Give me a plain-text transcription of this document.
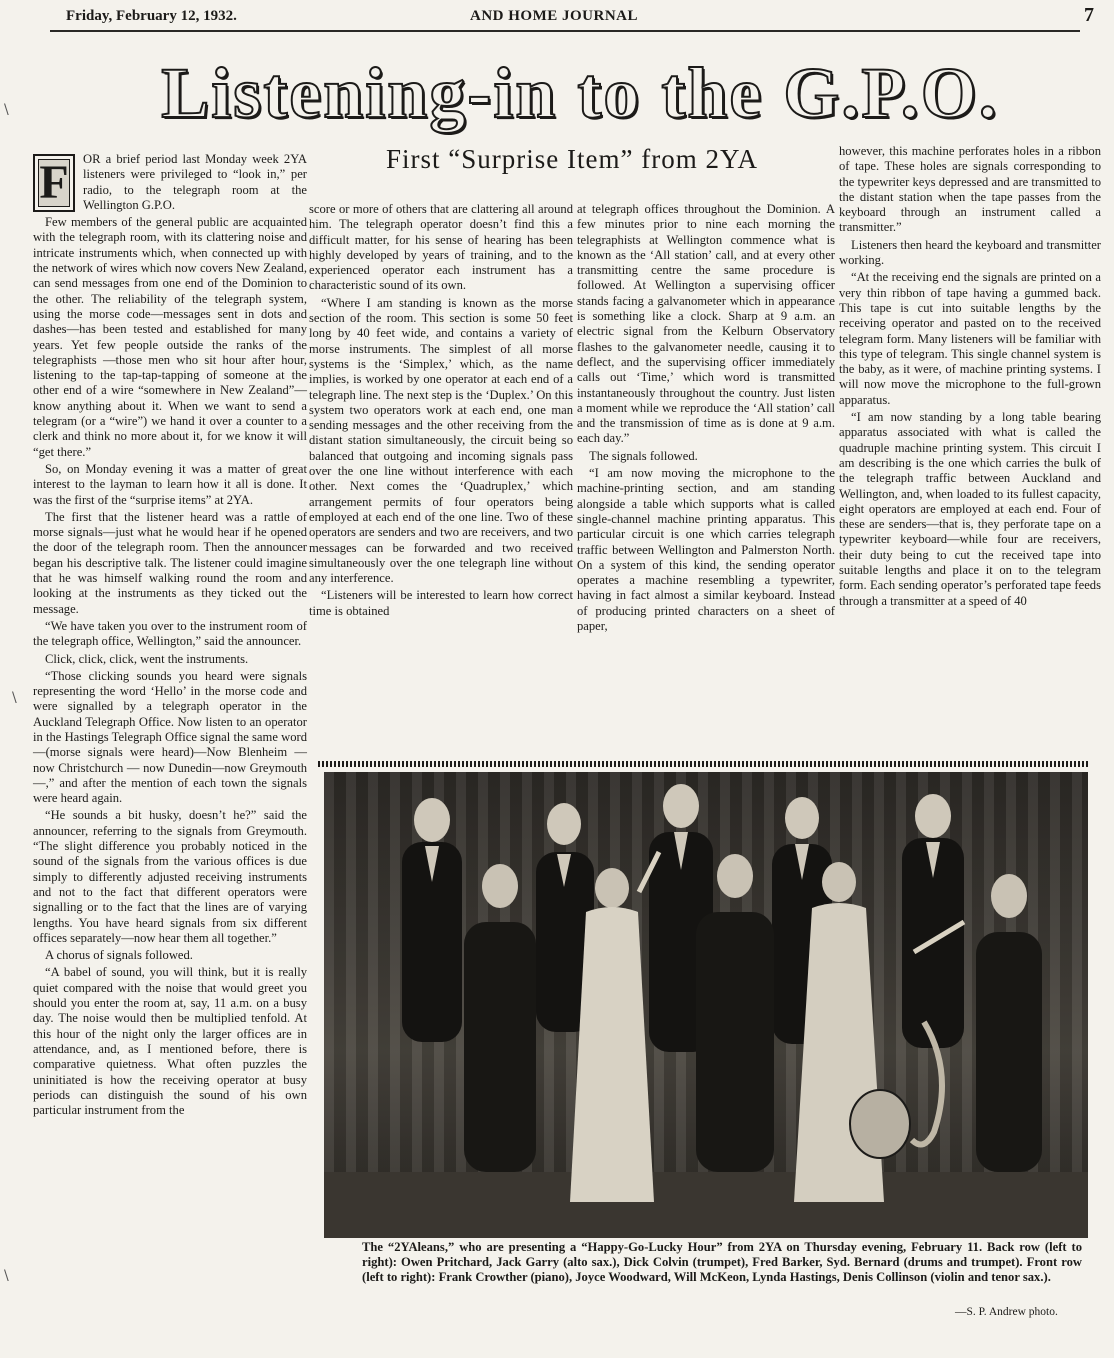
Friday, February 12, 1932.	AND HOME JOURNAL	7
Listening-in to the G.P.O.
First “Surprise Item” from 2YA
F	OR a brief period last Monday week 2YA listeners were privileged to “look in,” per radio, to the telegraph room at the Wellington G.P.O.

Few members of the general public are acquainted with the telegraph room, with its clattering noise and intricate instruments which, when connected up with the network of wires which now covers New Zealand, can send messages from one end of the Dominion to the other. The reliability of the telegraph system, using the morse code—messages sent in dots and dashes—has been tested and established for many years. Yet few people outside the ranks of the telegraphists —those men who sit hour after hour, listening to the tap-tap-tapping of someone at the other end of a wire “somewhere in New Zealand”—know anything about it. When we want to send a telegram (or a “wire”) we hand it over a counter to a clerk and think no more about it, for we know it will “get there.”

So, on Monday evening it was a matter of great interest to the layman to learn how it all is done. It was the first of the “surprise items” at 2YA.

The first that the listener heard was a rattle of morse signals—just what he would hear if he opened the door of the telegraph room. Then the announcer began his descriptive talk. The listener could imagine that he was himself walking round the room and looking at the instruments as they ticked out the message.

“We have taken you over to the instrument room of the telegraph office, Wellington,” said the announcer.

Click, click, click, went the instruments.

“Those clicking sounds you heard were signals representing the word ‘Hello’ in the morse code and were signalled by a telegraph operator in the Auckland Telegraph Office. Now listen to an operator in the Hastings Telegraph Office signal the same word —(morse signals were heard)—Now Blenheim — now Christchurch — now Dunedin—now Greymouth—,” and after the mention of each town the signals were heard again.

“He sounds a bit husky, doesn’t he?” said the announcer, referring to the signals from Greymouth. “The slight difference you probably noticed in the sound of the signals from the various offices is due simply to differently adjusted receiving instruments and not to the fact that different operators were signalling or to the fact that the lines are of varying lengths. You have heard signals from six different offices separately—now hear them all together.”

A chorus of signals followed.

“A babel of sound, you will think, but it is really quiet compared with the noise that would greet you should you enter the room at, say, 11 a.m. on a busy day. The noise would then be multiplied tenfold. At this hour of the night only the larger offices are in attendance, and, as I mentioned before, there is comparative quietness. What often puzzles the uninitiated is how the receiving operator at busy periods can distinguish the sound of his own particular instrument from the

score or more of others that are clattering all around him. The telegraph operator doesn’t find this a difficult matter, for his sense of hearing has been highly developed by years of training, and to the experienced operator each instrument has a characteristic sound of its own.

“Where I am standing is known as the morse section of the room. This section is some 50 feet long by 40 feet wide, and contains a variety of morse instruments. The simplest of all morse systems is the ‘Simplex,’ which, as the name implies, is worked by one operator at each end of a telegraph line. The next step is the ‘Duplex.’ On this system two operators work at each end, one man sending messages and the other receiving from the distant station simultaneously, the circuit being so balanced that outgoing and incoming signals pass over the one line without interference with each other. Next comes the ‘Quadruplex,’ which arrangement permits of four operators being employed at each end of the one line. Two of these operators are senders and two are receivers, and two messages can be forwarded and two received simultaneously over the one telegraph line without any interference.

“Listeners will be interested to learn how correct time is obtained

at telegraph offices throughout the Dominion. A few minutes prior to nine each morning the telegraphists at Wellington commence what is known as the ‘All station’ call, and at every other transmitting centre the same procedure is followed. At Wellington a supervising officer stands facing a galvanometer which in appearance is something like a clock. Sharp at 9 a.m. an electric signal from the Kelburn Observatory flashes to the galvanometer needle, causing it to deflect, and the supervising officer immediately calls out ‘Time,’ which word is transmitted instantaneously throughout the country. Just listen a moment while we reproduce the ‘All station’ call and the transmission of time as is done at 9 a.m. each day.”

The signals followed.

“I am now moving the microphone to the machine-printing section, and am standing alongside a table which supports what is called single-channel machine printing apparatus. This particular circuit is one which carries telegraph traffic between Wellington and Palmerston North. On a system of this kind, the sending operator operates a machine resembling a typewriter, having in fact almost a similar keyboard. Instead of producing printed characters on a sheet of paper,

however, this machine perforates holes in a ribbon of tape. These holes are signals corresponding to the typewriter keys depressed and are transmitted to the distant station when the tape passes from the keyboard through an instrument called a transmitter.”

Listeners then heard the keyboard and transmitter working.

“At the receiving end the signals are printed on a very thin ribbon of tape having a gummed back. This tape is cut into suitable lengths by the receiving operator and pasted on to the received telegram form. Many listeners will be familiar with this type of telegram. This single channel system is the baby, as it were, of machine printing systems. I will now move the microphone to the full-grown apparatus.

“I am now standing by a long table bearing apparatus associated with what is called the quadruple machine printing system. This circuit I am describing is the one which carries the bulk of the telegraph traffic between Auckland and Wellington, and, when loaded to its fullest capacity, eight operators are employed at each end. Four of these are senders—that is, they perforate tape on a typewriter keyboard—while four are receivers, their duty being to cut the received tape into suitable lengths and place it on to the telegram form. Each sending operator’s perforated tape feeds through a transmitter at a speed of 40

The “2YAleans,” who are presenting a “Happy-Go-Lucky Hour” from 2YA on Thursday evening, February 11. Back row (left to right): Owen Pritchard, Jack Garry (alto sax.), Dick Colvin (trumpet), Fred Barker, Syd. Bernard (drums and trumpet). Front row (left to right): Frank Crowther (piano), Joyce Woodward, Will McKeon, Lynda Hastings, Denis Collinson (violin and tenor sax.).
—S. P. Andrew photo.
\
\
\
